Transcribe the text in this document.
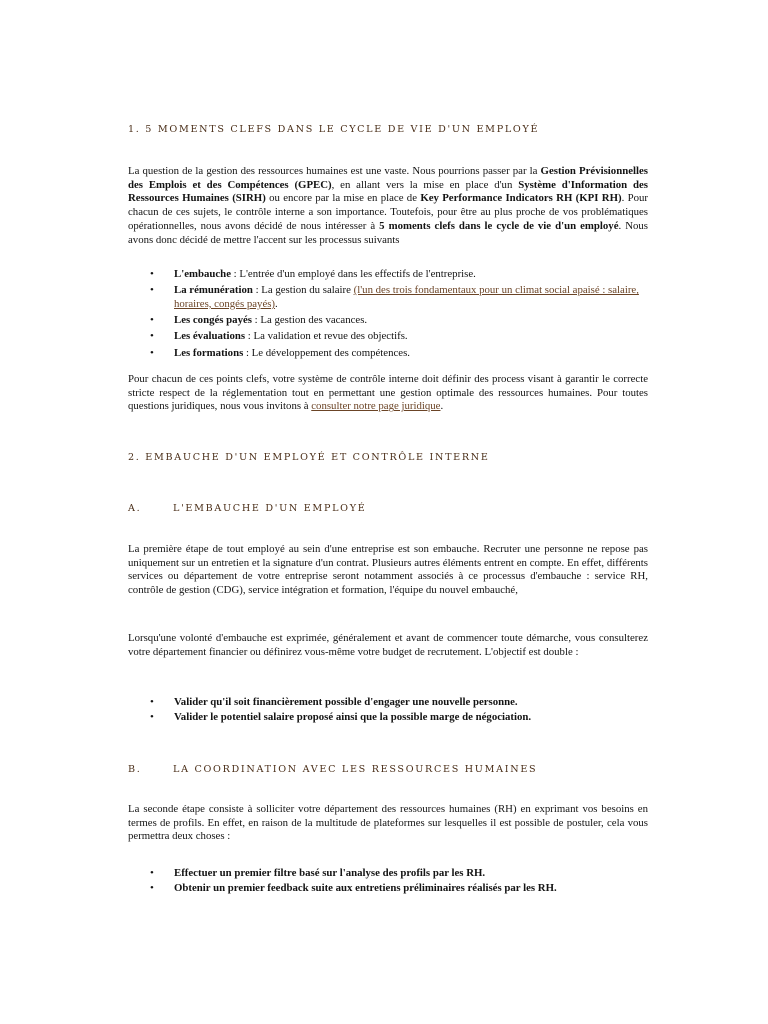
1. 5 MOMENTS CLEFS DANS LE CYCLE DE VIE D'UN EMPLOYÉ

La question de la gestion des ressources humaines est une vaste. Nous pourrions passer par la Gestion Prévisionnelles des Emplois et des Compétences (GPEC), en allant vers la mise en place d'un Système d'Information des Ressources Humaines (SIRH) ou encore par la mise en place de Key Performance Indicators RH (KPI RH). Pour chacun de ces sujets, le contrôle interne a son importance. Toutefois, pour être au plus proche de vos problématiques opérationnelles, nous avons décidé de nous intéresser à 5 moments clefs dans le cycle de vie d'un employé. Nous avons donc décidé de mettre l'accent sur les processus suivants

• L'embauche : L'entrée d'un employé dans les effectifs de l'entreprise.
• La rémunération : La gestion du salaire (l'un des trois fondamentaux pour un climat social apaisé : salaire, horaires, congés payés).
• Les congés payés : La gestion des vacances.
• Les évaluations : La validation et revue des objectifs.
• Les formations : Le développement des compétences.

Pour chacun de ces points clefs, votre système de contrôle interne doit définir des process visant à garantir le correcte stricte respect de la réglementation tout en permettant une gestion optimale des ressources humaines. Pour toutes questions juridiques, nous vous invitons à consulter notre page juridique.

2. EMBAUCHE D'UN EMPLOYÉ ET CONTRÔLE INTERNE
A.	L'EMBAUCHE D'UN EMPLOYÉ

La première étape de tout employé au sein d'une entreprise est son embauche. Recruter une personne ne repose pas uniquement sur un entretien et la signature d'un contrat. Plusieurs autres éléments entrent en compte. En effet, différents services ou département de votre entreprise seront notamment associés à ce processus d'embauche : service RH, contrôle de gestion (CDG), service intégration et formation, l'équipe du nouvel embauché,

Lorsqu'une volonté d'embauche est exprimée, généralement et avant de commencer toute démarche, vous consulterez votre département financier ou définirez vous-même votre budget de recrutement. L'objectif est double :

• Valider qu'il soit financièrement possible d'engager une nouvelle personne.
• Valider le potentiel salaire proposé ainsi que la possible marge de négociation.
B.	LA COORDINATION AVEC LES RESSOURCES HUMAINES

La seconde étape consiste à solliciter votre département des ressources humaines (RH) en exprimant vos besoins en termes de profils. En effet, en raison de la multitude de plateformes sur lesquelles il est possible de postuler, cela vous permettra deux choses :

• Effectuer un premier filtre basé sur l'analyse des profils par les RH.
• Obtenir un premier feedback suite aux entretiens préliminaires réalisés par les RH.
